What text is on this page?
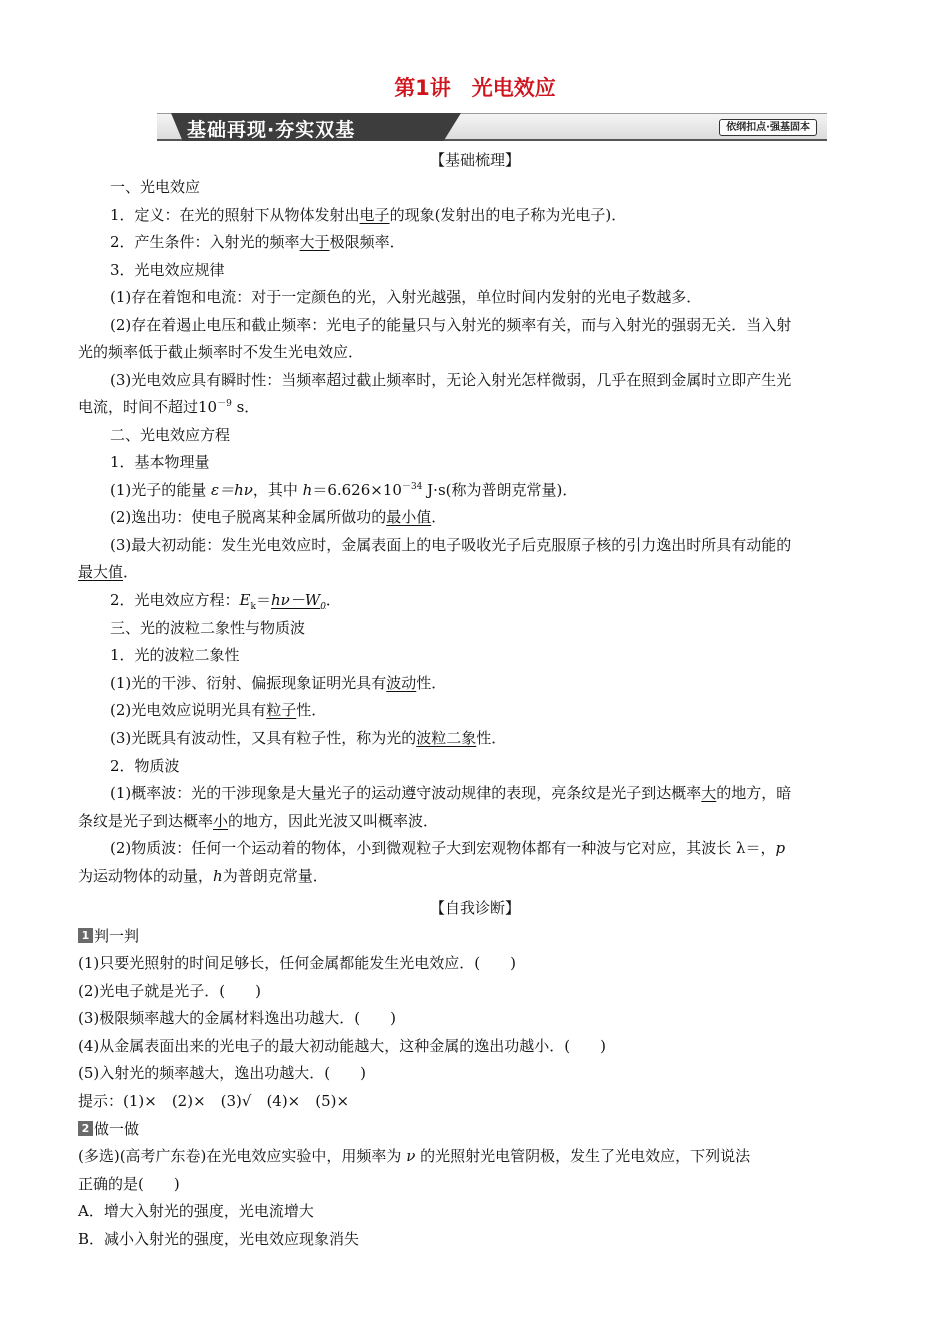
第1讲　光电效应
基础再现·夯实双基	依纲扣点·强基固本
【基础梳理】
一、光电效应
1．定义：在光的照射下从物体发射出电子的现象(发射出的电子称为光电子)．
2．产生条件：入射光的频率大于极限频率．
3．光电效应规律
(1)存在着饱和电流：对于一定颜色的光，入射光越强，单位时间内发射的光电子数越多．
(2)存在着遏止电压和截止频率：光电子的能量只与入射光的频率有关，而与入射光的强弱无关．当入射
光的频率低于截止频率时不发生光电效应．
(3)光电效应具有瞬时性：当频率超过截止频率时，无论入射光怎样微弱，几乎在照到金属时立即产生光
电流，时间不超过$10^{-9}$ s．
二、光电效应方程
1．基本物理量
(1)光子的能量 ε＝hν，其中 $h=6.626\times 10^{-34}$ J·s(称为普朗克常量)．
(2)逸出功：使电子脱离某种金属所做功的最小值．
(3)最大初动能：发生光电效应时，金属表面上的电子吸收光子后克服原子核的引力逸出时所具有动能的
最大值．
2．光电效应方程：$E_k=h\nu-W_0$．
三、光的波粒二象性与物质波
1．光的波粒二象性
(1)光的干涉、衍射、偏振现象证明光具有波动性．
(2)光电效应说明光具有粒子性．
(3)光既具有波动性，又具有粒子性，称为光的波粒二象性．
2．物质波
(1)概率波：光的干涉现象是大量光子的运动遵守波动规律的表现，亮条纹是光子到达概率大的地方，暗
条纹是光子到达概率小的地方，因此光波又叫概率波．
(2)物质波：任何一个运动着的物体，小到微观粒子大到宏观物体都有一种波与它对应，其波长 λ＝，p
为运动物体的动量，h为普朗克常量．
【自我诊断】
1 判一判
(1)只要光照射的时间足够长，任何金属都能发生光电效应．(　　)
(2)光电子就是光子．(　　)
(3)极限频率越大的金属材料逸出功越大．(　　)
(4)从金属表面出来的光电子的最大初动能越大，这种金属的逸出功越小．(　　)
(5)入射光的频率越大，逸出功越大．(　　)
提示：(1)×　(2)×　(3)√　(4)×　(5)×
2 做一做
(多选)(高考广东卷)在光电效应实验中，用频率为 ν 的光照射光电管阴极，发生了光电效应，下列说法
正确的是(　　)
A．增大入射光的强度，光电流增大
B．减小入射光的强度，光电效应现象消失
